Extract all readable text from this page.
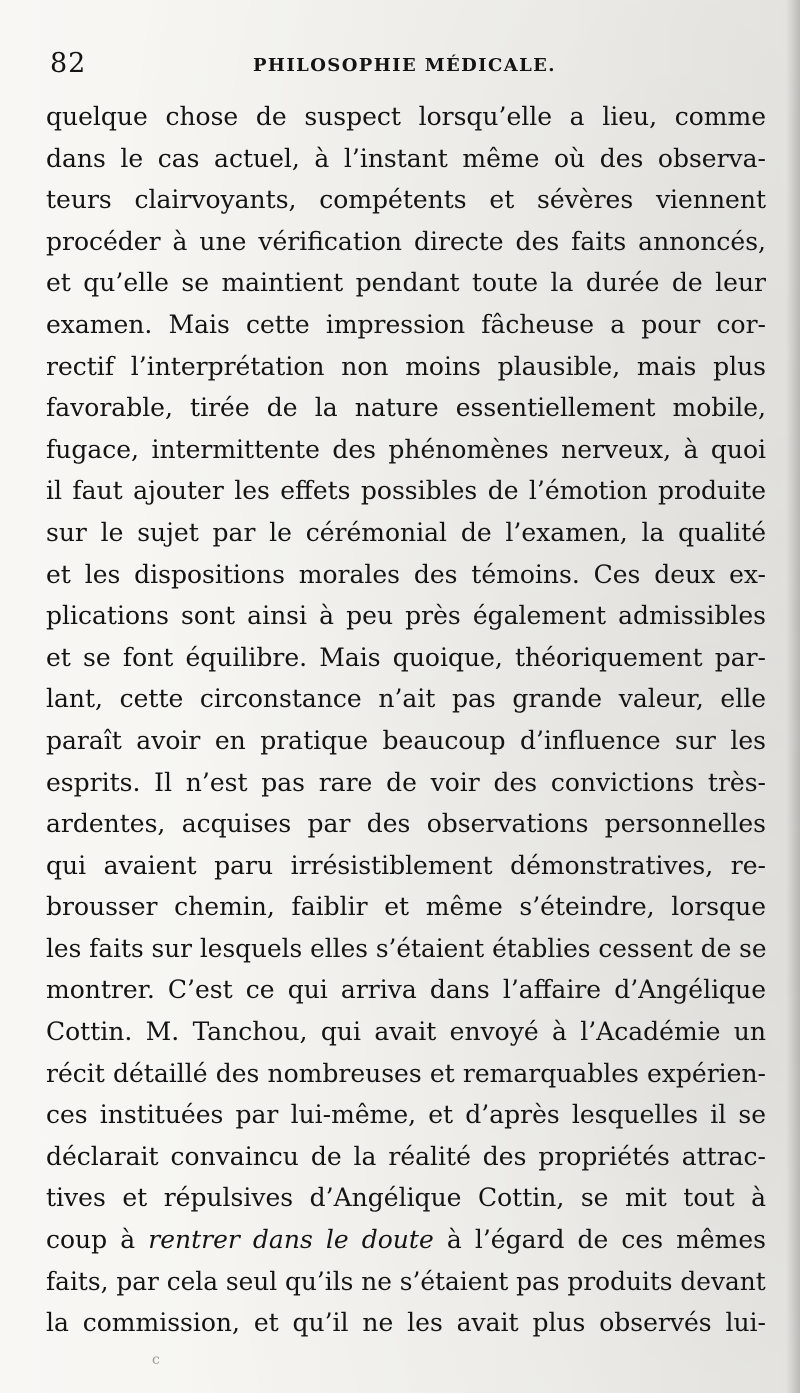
82	PHILOSOPHIE MÉDICALE.
quelque chose de suspect lorsqu’elle a lieu, comme
dans le cas actuel, à l’instant même où des observa-
teurs clairvoyants, compétents et sévères viennent
procéder à une vérification directe des faits annoncés,
et qu’elle se maintient pendant toute la durée de leur
examen. Mais cette impression fâcheuse a pour cor-
rectif l’interprétation non moins plausible, mais plus
favorable, tirée de la nature essentiellement mobile,
fugace, intermittente des phénomènes nerveux, à quoi
il faut ajouter les effets possibles de l’émotion produite
sur le sujet par le cérémonial de l’examen, la qualité
et les dispositions morales des témoins. Ces deux ex-
plications sont ainsi à peu près également admissibles
et se font équilibre. Mais quoique, théoriquement par-
lant, cette circonstance n’ait pas grande valeur, elle
paraît avoir en pratique beaucoup d’influence sur les
esprits. Il n’est pas rare de voir des convictions très-
ardentes, acquises par des observations personnelles
qui avaient paru irrésistiblement démonstratives, re-
brousser chemin, faiblir et même s’éteindre, lorsque
les faits sur lesquels elles s’étaient établies cessent de se
montrer. C’est ce qui arriva dans l’affaire d’Angélique
Cottin. M. Tanchou, qui avait envoyé à l’Académie un
récit détaillé des nombreuses et remarquables expérien-
ces instituées par lui-même, et d’après lesquelles il se
déclarait convaincu de la réalité des propriétés attrac-
tives et répulsives d’Angélique Cottin, se mit tout à
coup à rentrer dans le doute à l’égard de ces mêmes
faits, par cela seul qu’ils ne s’étaient pas produits devant
la commission, et qu’il ne les avait plus observés lui-
c
